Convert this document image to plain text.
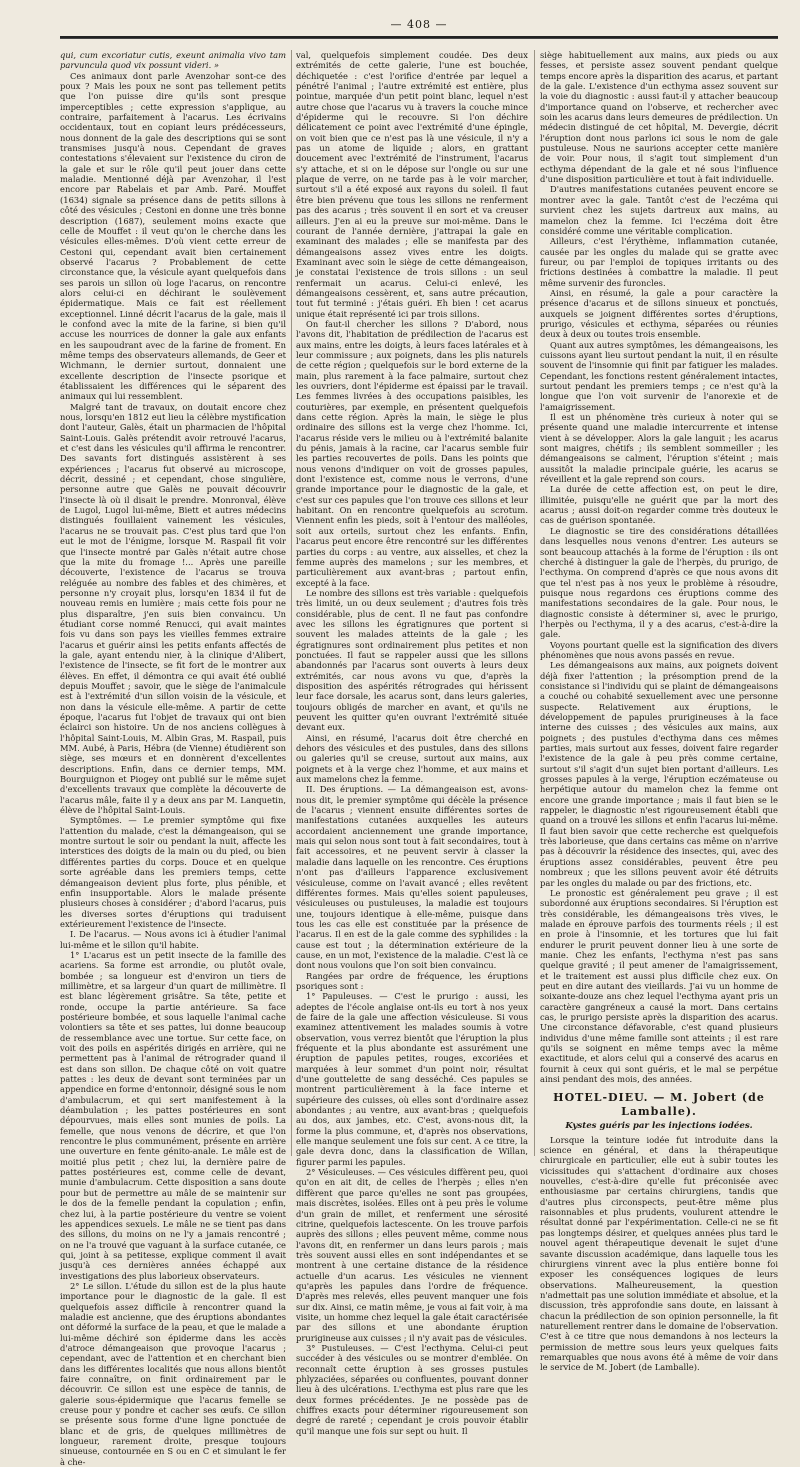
— 408 —

qui, cum excoriatur cutis, exeunt animalia vivo tam parvuncula quod vix possunt videri. »

Ces animaux dont parle Avenzohar sont-ce des poux ? Mais les poux ne sont pas tellement petits que l'on puisse dire qu'ils sont presque imperceptibles ; cette expression s'applique, au contraire, parfaitement à l'acarus. Les écrivains occidentaux, tout en copiant leurs prédécesseurs, nous donnent de la gale des descriptions qui se sont transmises jusqu'à nous. Cependant de graves contestations s'élevaient sur l'existence du ciron de la gale et sur le rôle qu'il peut jouer dans cette maladie. Mentionné déjà par Avenzohar, il l'est encore par Rabelais et par Amb. Paré. Mouffet (1634) signale sa présence dans de petits sillons à côté des vésicules ; Cestoni en donne une très bonne description (1687), seulement moins exacte que celle de Mouffet : il veut qu'on le cherche dans les vésicules elles-mêmes. D'où vient cette erreur de Cestoni qui, cependant avait bien certainement observé l'acarus ? Probablement de cette circonstance que, la vésicule ayant quelquefois dans ses parois un sillon où loge l'acarus, on rencontre alors celui-ci en déchirant le soulèvement épidermatique. Mais ce fait est réellement exceptionnel. Linné décrit l'acarus de la gale, mais il le confond avec la mite de la farine, si bien qu'il accuse les nourrices de donner la gale aux enfants en les saupoudrant avec de la farine de froment. En même temps des observateurs allemands, de Geer et Wichmann, le dernier surtout, donnaient une excellente description de l'insecte psorique et établissaient les différences qui le séparent des animaux qui lui ressemblent.

Malgré tant de travaux, on doutait encore chez nous, lorsqu'en 1812 eut lieu la célèbre mystification dont l'auteur, Galès, était un pharmacien de l'hôpital Saint-Louis. Galès prétendit avoir retrouvé l'acarus, et c'est dans les vésicules qu'il affirma le rencontrer. Des savants fort distingués assistèrent à ses expériences ; l'acarus fut observé au microscope, décrit, dessiné ; et cependant, chose singulière, personne autre que Galès ne pouvait découvrir l'insecte là où il disait le prendre. Monronval, élève de Lugol, Lugol lui-même, Biett et autres médecins distingués fouillaient vainement les vésicules, l'acarus ne se trouvait pas. C'est plus tard que l'on eut le mot de l'énigme, lorsque M. Raspail fit voir que l'insecte montré par Galès n'était autre chose que la mite du fromage !... Après une pareille découverte, l'existence de l'acarus se trouva reléguée au nombre des fables et des chimères, et personne n'y croyait plus, lorsqu'en 1834 il fut de nouveau remis en lumière ; mais cette fois pour ne plus disparaître, j'en suis bien convaincu. Un étudiant corse nommé Renucci, qui avait maintes fois vu dans son pays les vieilles femmes extraire l'acarus et guérir ainsi les petits enfants affectés de la gale, ayant entendu nier, à la clinique d'Alibert, l'existence de l'insecte, se fit fort de le montrer aux élèves. En effet, il démontra ce qui avait été oublié depuis Mouffet ; savoir, que le siège de l'animalcule est à l'extrémité d'un sillon voisin de la vésicule, et non dans la vésicule elle-même. A partir de cette époque, l'acarus fut l'objet de travaux qui ont bien éclairci son histoire. Un de nos anciens collègues à l'hôpital Saint-Louis, M. Albin Gras, M. Raspail, puis MM. Aubé, à Paris, Hébra (de Vienne) étudièrent son siège, ses mœurs et en donnèrent d'excellentes descriptions. Enfin, dans ce dernier temps, MM. Bourguignon et Piogey ont publié sur le même sujet d'excellents travaux que complète la découverte de l'acarus mâle, faite il y a deux ans par M. Lanquetin, élève de l'hôpital Saint-Louis.

Symptômes. — Le premier symptôme qui fixe l'attention du malade, c'est la démangeaison, qui se montre surtout le soir ou pendant la nuit, affecte les interstices des doigts de la main ou du pied, ou bien différentes parties du corps. Douce et en quelque sorte agréable dans les premiers temps, cette démangeaison devient plus forte, plus pénible, et enfin insupportable. Alors le malade présente plusieurs choses à considérer ; d'abord l'acarus, puis les diverses sortes d'éruptions qui traduisent extérieurement l'existence de l'insecte.

I. De l'acarus. — Nous avons ici à étudier l'animal lui-même et le sillon qu'il habite.

1° L'acarus est un petit insecte de la famille des acariens. Sa forme est arrondie, ou plutôt ovale, bombée ; sa longueur est d'environ un tiers de millimètre, et sa largeur d'un quart de millimètre. Il est blanc légèrement grisâtre. Sa tête, petite et ronde, occupe la partie antérieure. Sa face postérieure bombée, et sous laquelle l'animal cache volontiers sa tête et ses pattes, lui donne beaucoup de ressemblance avec une tortue. Sur cette face, on voit des poils en aspérités dirigés en arrière, qui ne permettent pas à l'animal de rétrograder quand il est dans son sillon. De chaque côté on voit quatre pattes : les deux de devant sont terminées par un appendice en forme d'entonnoir, désigné sous le nom d'ambulacrum, et qui sert manifestement à la déambulation ; les pattes postérieures en sont dépourvues, mais elles sont munies de poils. La femelle, que nous venons de décrire, et que l'on rencontre le plus communément, présente en arrière une ouverture en fente génito-anale. Le mâle est de moitié plus petit ; chez lui, la dernière paire de pattes postérieures est, comme celle de devant, munie d'ambulacrum. Cette disposition a sans doute pour but de permettre au mâle de se maintenir sur le dos de la femelle pendant la copulation ; enfin, chez lui, à la partie postérieure du ventre se voient les appendices sexuels. Le mâle ne se tient pas dans des sillons, du moins on ne l'y a jamais rencontré ; on ne l'a trouvé que vaguant à la surface cutanée, ce qui, joint à sa petitesse, explique comment il avait jusqu'à ces dernières années échappé aux investigations des plus laborieux observateurs.

2° Le sillon. L'étude du sillon est de la plus haute importance pour le diagnostic de la gale. Il est quelquefois assez difficile à rencontrer quand la maladie est ancienne, que des éruptions abondantes ont déformé la surface de la peau, et que le malade a lui-même déchiré son épiderme dans les accès d'atroce démangeaison que provoque l'acarus ; cependant, avec de l'attention et en cherchant bien dans les différentes localités que nous allons bientôt faire connaître, on finit ordinairement par le découvrir. Ce sillon est une espèce de tannis, de galerie sous-épidermique que l'acarus femelle se creuse pour y pondre et cacher ses œufs. Ce sillon se présente sous forme d'une ligne ponctuée de blanc et de gris, de quelques millimètres de longueur, rarement droite, presque toujours sinueuse, contournée en S ou en C et simulant le fer à che-

val, quelquefois simplement coudée. Des deux extrémités de cette galerie, l'une est bouchée, déchiquetée : c'est l'orifice d'entrée par lequel a pénétré l'animal ; l'autre extrémité est entière, plus pointue, marquée d'un petit point blanc, lequel n'est autre chose que l'acarus vu à travers la couche mince d'épiderme qui le recouvre. Si l'on déchire délicatement ce point avec l'extrémité d'une épingle, on voit bien que ce n'est pas là une vésicule, il n'y a pas un atome de liquide ; alors, en grattant doucement avec l'extrémité de l'instrument, l'acarus s'y attache, et si on le dépose sur l'ongle ou sur une plaque de verre, on ne tarde pas à le voir marcher, surtout s'il a été exposé aux rayons du soleil. Il faut être bien prévenu que tous les sillons ne renferment pas des acarus ; très souvent il en sort et va creuser ailleurs. J'en ai eu la preuve sur moi-même. Dans le courant de l'année dernière, j'attrapai la gale en examinant des malades ; elle se manifesta par des démangeaisons assez vives entre les doigts. Examinant avec soin le siège de cette démangeaison, je constatai l'existence de trois sillons : un seul renfermait un acarus. Celui-ci enlevé, les démangeaisons cessèrent, et, sans autre précaution, tout fut terminé : j'étais guéri. Eh bien ! cet acarus unique était représenté ici par trois sillons.

On faut-il chercher les sillons ? D'abord, nous l'avons dit, l'habitation de prédilection de l'acarus est aux mains, entre les doigts, à leurs faces latérales et à leur commissure ; aux poignets, dans les plis naturels de cette région ; quelquefois sur le bord externe de la main, plus rarement à la face palmaire, surtout chez les ouvriers, dont l'épiderme est épaissi par le travail. Les femmes livrées à des occupations paisibles, les couturières, par exemple, en présentent quelquefois dans cette région. Après la main, le siège le plus ordinaire des sillons est la verge chez l'homme. Ici, l'acarus réside vers le milieu ou à l'extrémité balanite du pénis, jamais à la racine, car l'acarus semble fuir les parties recouvertes de poils. Dans les points que nous venons d'indiquer on voit de grosses papules, dont l'existence est, comme nous le verrons, d'une grande importance pour le diagnostic de la gale, et c'est sur ces papules que l'on trouve ces sillons et leur habitant. On en rencontre quelquefois au scrotum. Viennent enfin les pieds, soit à l'entour des malléoles, soit aux orteils, surtout chez les enfants. Enfin, l'acarus peut encore être rencontré sur les différentes parties du corps : au ventre, aux aisselles, et chez la femme auprès des mamelons ; sur les membres, et particulièrement aux avant-bras ; partout enfin, excepté à la face.

Le nombre des sillons est très variable : quelquefois très limité, un ou deux seulement ; d'autres fois très considérable, plus de cent. Il ne faut pas confondre avec les sillons les égratignures que portent si souvent les malades atteints de la gale ; les égratignures sont ordinairement plus petites et non ponctuées. Il faut se rappeler aussi que les sillons abandonnés par l'acarus sont ouverts à leurs deux extrémités, car nous avons vu que, d'après la disposition des aspérités rétrogrades qui hérissent leur face dorsale, les acarus sont, dans leurs galeries, toujours obligés de marcher en avant, et qu'ils ne peuvent les quitter qu'en ouvrant l'extrémité située devant eux.

Ainsi, en résumé, l'acarus doit être cherché en dehors des vésicules et des pustules, dans des sillons ou galeries qu'il se creuse, surtout aux mains, aux poignets et à la verge chez l'homme, et aux mains et aux mamelons chez la femme.

II. Des éruptions. — La démangeaison est, avons-nous dit, le premier symptôme qui décèle la présence de l'acarus ; viennent ensuite différentes sortes de manifestations cutanées auxquelles les auteurs accordaient anciennement une grande importance, mais qui selon nous sont tout à fait secondaires, tout à fait accessoires, et ne peuvent servir à classer la maladie dans laquelle on les rencontre. Ces éruptions n'ont pas d'ailleurs l'apparence exclusivement vésiculeuse, comme on l'avait avancé ; elles revêtent différentes formes. Mais qu'elles soient papuleuses, vésiculeuses ou pustuleuses, la maladie est toujours une, toujours identique à elle-même, puisque dans tous les cas elle est constituée par la présence de l'acarus. Il en est de la gale comme des syphilides : la cause est tout ; la détermination extérieure de la cause, en un mot, l'existence de la maladie. C'est là ce dont nous voulons que l'on soit bien convaincu.

Rangées par ordre de fréquence, les éruptions psoriques sont :

1° Papuleuses. — C'est le prurigo : aussi, les adeptes de l'école anglaise ont-ils eu tort à nos yeux de faire de la gale une affection vésiculeuse. Si vous examinez attentivement les malades soumis à votre observation, vous verrez bientôt que l'éruption la plus fréquente et la plus abondante est assurément une éruption de papules petites, rouges, excoriées et marquées à leur sommet d'un point noir, résultat d'une gouttelette de sang desséché. Ces papules se montrent particulièrement à la face interne et supérieure des cuisses, où elles sont d'ordinaire assez abondantes ; au ventre, aux avant-bras ; quelquefois au dos, aux jambes, etc. C'est, avons-nous dit, la forme la plus commune, et, d'après nos observations, elle manque seulement une fois sur cent. A ce titre, la gale devra donc, dans la classification de Willan, figurer parmi les papules.

2° Vésiculeuses. — Ces vésicules diffèrent peu, quoi qu'on en ait dit, de celles de l'herpès ; elles n'en diffèrent que parce qu'elles ne sont pas groupées, mais discrètes, isolées. Elles ont à peu près le volume d'un grain de millet, et renferment une sérosité citrine, quelquefois lactescente. On les trouve parfois auprès des sillons ; elles peuvent même, comme nous l'avons dit, en renfermer un dans leurs parois ; mais très souvent aussi elles en sont indépendantes et se montrent à une certaine distance de la résidence actuelle d'un acarus. Les vésicules ne viennent qu'après les papules dans l'ordre de fréquence. D'après mes relevés, elles peuvent manquer une fois sur dix. Ainsi, ce matin même, je vous ai fait voir, à ma visite, un homme chez lequel la gale était caractérisée par des sillons et une abondante éruption prurigineuse aux cuisses ; il n'y avait pas de vésicules.

3° Pustuleuses. — C'est l'ecthyma. Celui-ci peut succéder à des vésicules ou se montrer d'emblée. On reconnaît cette éruption à ses grosses pustules phlyzaciées, séparées ou confluentes, pouvant donner lieu à des ulcérations. L'ecthyma est plus rare que les deux formes précédentes. Je ne possède pas de chiffres exacts pour déterminer rigoureusement son degré de rareté ; cependant je crois pouvoir établir qu'il manque une fois sur sept ou huit. Il

siège habituellement aux mains, aux pieds ou aux fesses, et persiste assez souvent pendant quelque temps encore après la disparition des acarus, et partant de la gale. L'existence d'un ecthyma assez souvent sur la voie du diagnostic : aussi faut-il y attacher beaucoup d'importance quand on l'observe, et rechercher avec soin les acarus dans leurs demeures de prédilection. Un médecin distingué de cet hôpital, M. Devergie, décrit l'éruption dont nous parlons ici sous le nom de gale pustuleuse. Nous ne saurions accepter cette manière de voir. Pour nous, il s'agit tout simplement d'un ecthyma dépendant de la gale et né sous l'influence d'une disposition particulière et tout à fait individuelle.

D'autres manifestations cutanées peuvent encore se montrer avec la gale. Tantôt c'est de l'eczéma qui survient chez les sujets dartreux aux mains, au mamelon chez la femme. Ici l'eczéma doit être considéré comme une véritable complication.

Ailleurs, c'est l'érythème, inflammation cutanée, causée par les ongles du malade qui se gratte avec fureur, ou par l'emploi de topiques irritants ou des frictions destinées à combattre la maladie. Il peut même survenir des furoncles.

Ainsi, en résumé, la gale a pour caractère la présence d'acarus et de sillons sinueux et ponctués, auxquels se joignent différentes sortes d'éruptions, prurigo, vésicules et ecthyma, séparées ou réunies deux à deux ou toutes trois ensemble.

Quant aux autres symptômes, les démangeaisons, les cuissons ayant lieu surtout pendant la nuit, il en résulte souvent de l'insomnie qui finit par fatiguer les malades. Cependant, les fonctions restent généralement intactes, surtout pendant les premiers temps ; ce n'est qu'à la longue que l'on voit survenir de l'anorexie et de l'amaigrissement.

Il est un phénomène très curieux à noter qui se présente quand une maladie intercurrente et intense vient à se développer. Alors la gale languit ; les acarus sont maigres, chétifs ; ils semblent sommeiller ; les démangeaisons se calment, l'éruption s'éteint ; mais aussitôt la maladie principale guérie, les acarus se réveillent et la gale reprend son cours.

La durée de cette affection est, on peut le dire, illimitée, puisqu'elle ne guérit que par la mort des acarus ; aussi doit-on regarder comme très douteux le cas de guérison spontanée.

Le diagnostic se tire des considérations détaillées dans lesquelles nous venons d'entrer. Les auteurs se sont beaucoup attachés à la forme de l'éruption : ils ont cherché à distinguer la gale de l'herpès, du prurigo, de l'ecthyma. On comprend d'après ce que nous avons dit que tel n'est pas à nos yeux le problème à résoudre, puisque nous regardons ces éruptions comme des manifestations secondaires de la gale. Pour nous, le diagnostic consiste à déterminer si, avec le prurigo, l'herpès ou l'ecthyma, il y a des acarus, c'est-à-dire la gale.

Voyons pourtant quelle est la signification des divers phénomènes que nous avons passés en revue.

Les démangeaisons aux mains, aux poignets doivent déjà fixer l'attention ; la présomption prend de la consistance si l'individu qui se plaint de démangeaisons a couché ou cohabité sexuellement avec une personne suspecte. Relativement aux éruptions, le développement de papules prurigineuses à la face interne des cuisses ; des vésicules aux mains, aux poignets ; des pustules d'ecthyma dans ces mêmes parties, mais surtout aux fesses, doivent faire regarder l'existence de la gale à peu près comme certaine, surtout s'il s'agit d'un sujet bien portant d'ailleurs. Les grosses papules à la verge, l'éruption eczémateuse ou herpétique autour du mamelon chez la femme ont encore une grande importance ; mais il faut bien se le rappeler, le diagnostic n'est rigoureusement établi que quand on a trouvé les sillons et enfin l'acarus lui-même. Il faut bien savoir que cette recherche est quelquefois très laborieuse, que dans certains cas même on n'arrive pas à découvrir la résidence des insectes, qui, avec des éruptions assez considérables, peuvent être peu nombreux ; que les sillons peuvent avoir été détruits par les ongles du malade ou par des frictions, etc.

Le pronostic est généralement peu grave ; il est subordonné aux éruptions secondaires. Si l'éruption est très considérable, les démangeaisons très vives, le malade en éprouve parfois des tourments réels ; il est en proie à l'insomnie, et les tortures que lui fait endurer le prurit peuvent donner lieu à une sorte de manie. Chez les enfants, l'ecthyma n'est pas sans quelque gravité ; il peut amener de l'amaigrissement, et le traitement est aussi plus difficile chez eux. On peut en dire autant des vieillards. J'ai vu un homme de soixante-douze ans chez lequel l'ecthyma ayant pris un caractère gangréneux a causé la mort. Dans certains cas, le prurigo persiste après la disparition des acarus. Une circonstance défavorable, c'est quand plusieurs individus d'une même famille sont atteints ; il est rare qu'ils se soignent en même temps avec la même exactitude, et alors celui qui a conservé des acarus en fournit à ceux qui sont guéris, et le mal se perpétue ainsi pendant des mois, des années.

HOTEL-DIEU. — M. Jobert (de Lamballe).
Kystes guéris par les injections iodées.

Lorsque la teinture iodée fut introduite dans la science en général, et dans la thérapeutique chirurgicale en particulier, elle eut à subir toutes les vicissitudes qui s'attachent d'ordinaire aux choses nouvelles, c'est-à-dire qu'elle fut préconisée avec enthousiasme par certains chirurgiens, tandis que d'autres plus circonspects, peut-être même plus raisonnables et plus prudents, voulurent attendre le résultat donné par l'expérimentation. Celle-ci ne se fit pas longtemps désirer, et quelques années plus tard le nouvel agent thérapeutique devenait le sujet d'une savante discussion académique, dans laquelle tous les chirurgiens vinrent avec la plus entière bonne foi exposer les conséquences logiques de leurs observations. Malheureusement, la question n'admettait pas une solution immédiate et absolue, et la discussion, très approfondie sans doute, en laissant à chacun la prédilection de son opinion personnelle, la fit naturellement rentrer dans le domaine de l'observation. C'est à ce titre que nous demandons à nos lecteurs la permission de mettre sous leurs yeux quelques faits remarquables que nous avons été à même de voir dans le service de M. Jobert (de Lamballe).
